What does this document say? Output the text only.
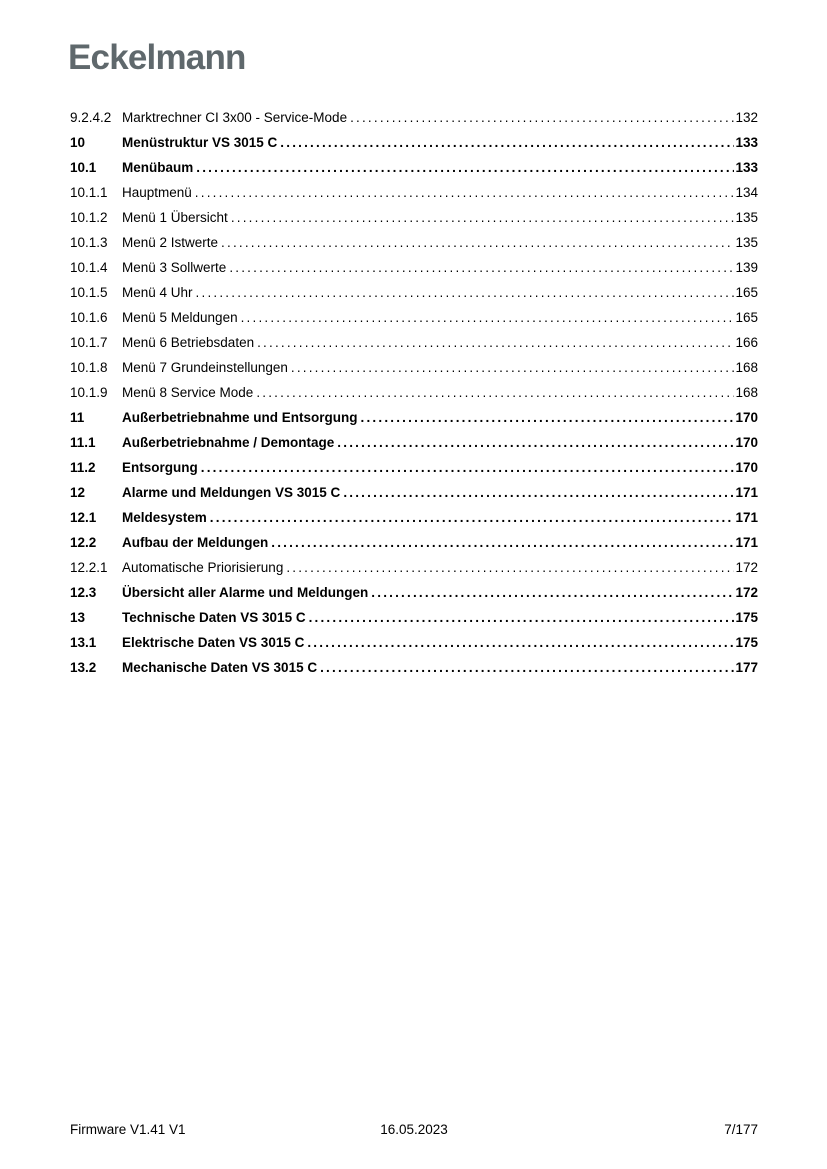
Eckelmann
9.2.4.2 Marktrechner CI 3x00 - Service-Mode .....	132
10	Menüstruktur VS 3015 C .....	133
10.1	Menübaum .....	133
10.1.1	Hauptmenü .....	134
10.1.2	Menü 1 Übersicht .....	135
10.1.3	Menü 2 Istwerte .....	135
10.1.4	Menü 3 Sollwerte .....	139
10.1.5	Menü 4 Uhr .....	165
10.1.6	Menü 5 Meldungen .....	165
10.1.7	Menü 6 Betriebsdaten .....	166
10.1.8	Menü 7 Grundeinstellungen .....	168
10.1.9	Menü 8 Service Mode .....	168
11	Außerbetriebnahme und Entsorgung .....	170
11.1	Außerbetriebnahme / Demontage .....	170
11.2	Entsorgung .....	170
12	Alarme und Meldungen VS 3015 C .....	171
12.1	Meldesystem .....	171
12.2	Aufbau der Meldungen .....	171
12.2.1	Automatische Priorisierung .....	172
12.3	Übersicht aller Alarme und Meldungen .....	172
13	Technische Daten VS 3015 C .....	175
13.1	Elektrische Daten VS 3015 C .....	175
13.2	Mechanische Daten VS 3015 C .....	177
Firmware V1.41 V1	16.05.2023	7/177
